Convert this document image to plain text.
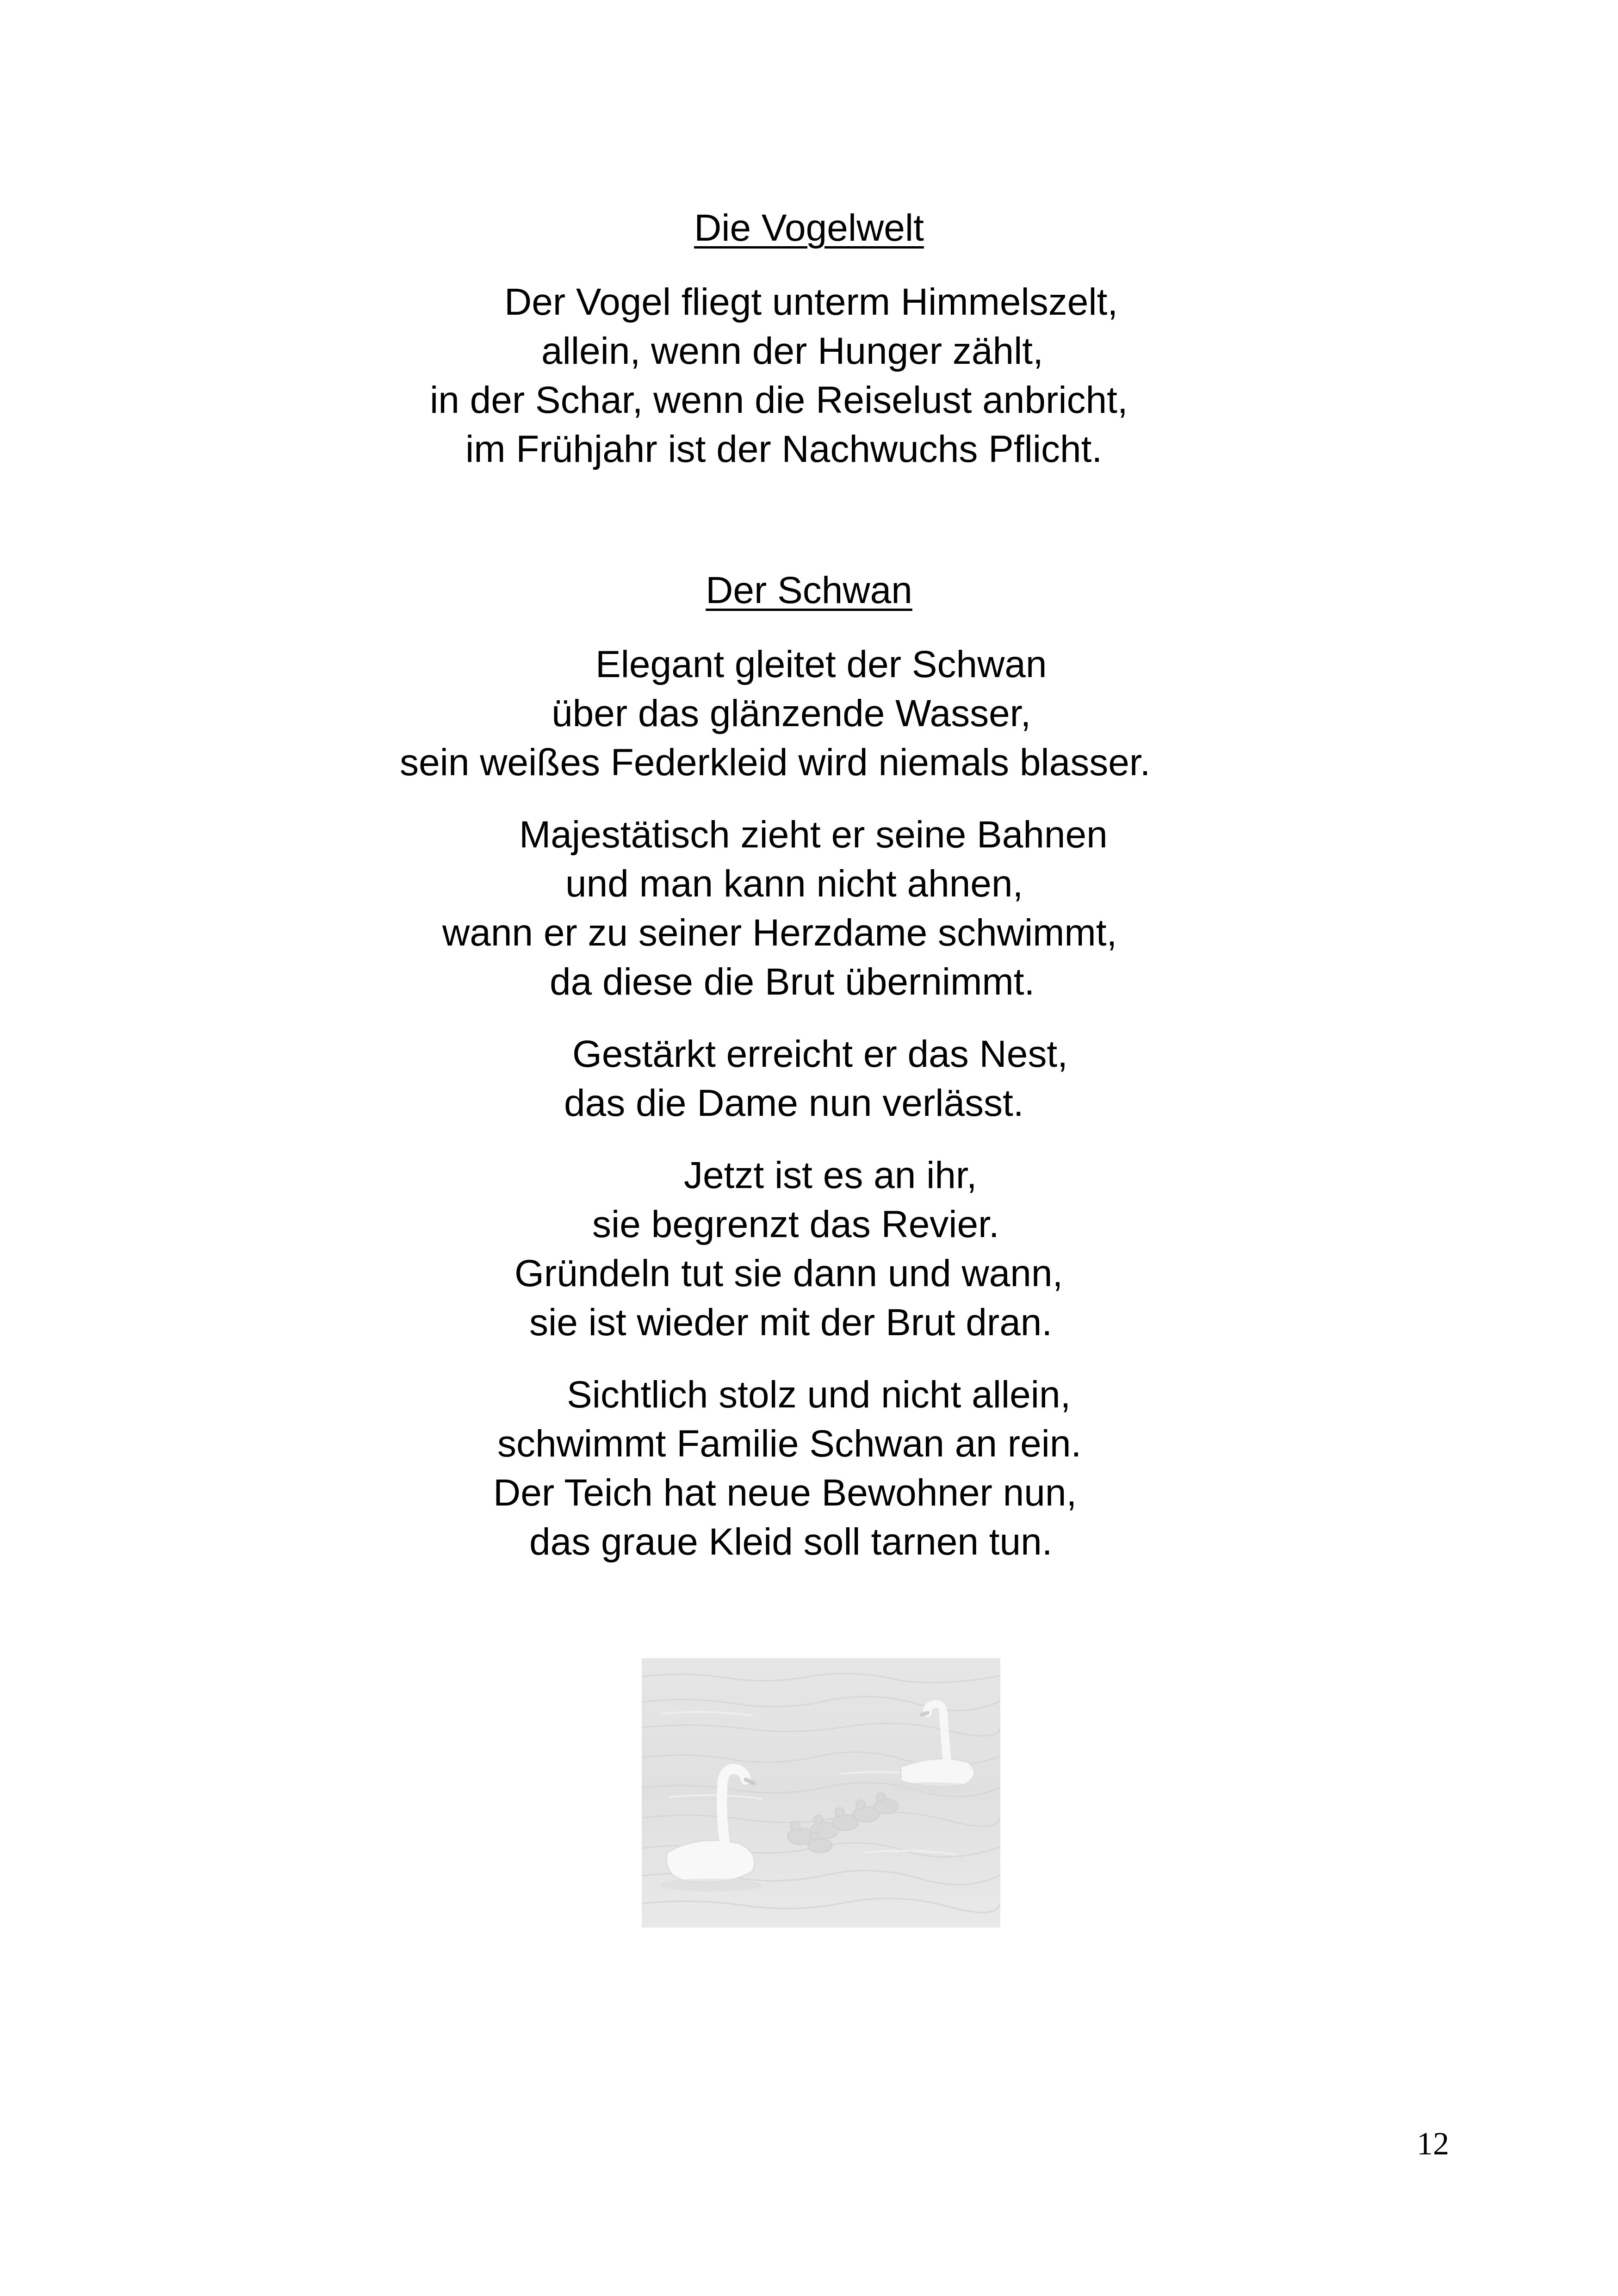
Die Vogelwelt
Der Vogel fliegt unterm Himmelszelt,
allein, wenn der Hunger zählt,
in der Schar, wenn die Reiselust anbricht,
im Frühjahr ist der Nachwuchs Pflicht.
Der Schwan
Elegant gleitet der Schwan
über das glänzende Wasser,
sein weißes Federkleid wird niemals blasser.
Majestätisch zieht er seine Bahnen
und man kann nicht ahnen,
wann er zu seiner Herzdame schwimmt,
da diese die Brut übernimmt.
Gestärkt erreicht er das Nest,
das die Dame nun verlässt.
Jetzt ist es an ihr,
sie begrenzt das Revier.
Gründeln tut sie dann und wann,
sie ist wieder mit der Brut dran.
Sichtlich stolz und nicht allein,
schwimmt Familie Schwan an rein.
Der Teich hat neue Bewohner nun,
das graue Kleid soll tarnen tun.
12
